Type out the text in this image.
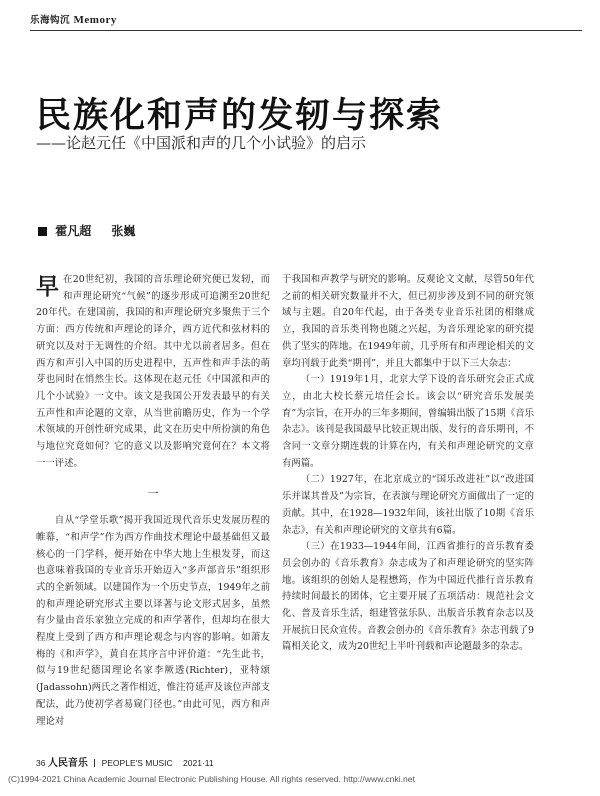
乐海钩沉 Memory
民族化和声的发轫与探索
——论赵元任《中国派和声的几个小试验》的启示
霍凡超 张巍

早在20世纪初，我国的音乐理论研究便已发轫，而和声理论研究“气候”的逐步形成可追溯至20世纪20年代。在建国前，我国的和声理论研究多聚焦于三个方面：西方传统和声理论的译介，西方近代和弦材料的研究以及对于无调性的介绍。其中尤以前者居多。但在西方和声引入中国的历史进程中，五声性和声手法的萌芽也同时在悄然生长。这体现在赵元任《中国派和声的几个小试验》一文中。该文是我国公开发表最早的有关五声性和声论题的文章，从当世前瞻历史，作为一个学术领域的开创性研究成果，此文在历史中所扮演的角色与地位究竟如何？它的意义以及影响究竟何在？本文将一一评述。

一

自从“学堂乐歌”揭开我国近现代音乐史发展历程的帷幕，“和声学”作为西方作曲技术理论中最基础但又最核心的一门学科，便开始在中华大地上生根发芽，而这也意味着我国的专业音乐开始迈入“多声部音乐”组织形式的全新领域。以建国作为一个历史节点，1949年之前的和声理论研究形式主要以译著与论文形式居多，虽然有少量由音乐家独立完成的和声学著作，但却均在很大程度上受到了西方和声理论观念与内容的影响。如萧友梅的《和声学》，黄自在其序言中评价道：“先生此书，似与19世纪德国理论名家李厥透(Richter)，亚特颂(Jadassohn)两氏之著作相近，惟注符延声及该位声部支配法，此乃使初学者易窥门径也。”由此可见，西方和声理论对

于我国和声教学与研究的影响。反观论文文献，尽管50年代之前的相关研究数量并不大，但已初步涉及到不同的研究领域与主题。自20年代起，由于各类专业音乐社团的相继成立，我国的音乐类刊物也随之兴起，为音乐理论家的研究提供了坚实的阵地。在1949年前，几乎所有和声理论相关的文章均刊载于此类“期刊”，并且大都集中于以下三大杂志：

（一）1919年1月，北京大学下设的音乐研究会正式成立，由北大校长蔡元培任会长。该会以“研究音乐发展美育”为宗旨，在开办的三年多期间，曾编辑出版了15期《音乐杂志》。该刊是我国最早比较正规出版、发行的音乐期刊，不含同一文章分期连载的计算在内，有关和声理论研究的文章有两篇。

（二）1927年，在北京成立的“国乐改进社”以“改进国乐并谋其普及”为宗旨，在表演与理论研究方面做出了一定的贡献。其中，在1928—1932年间，该社出版了10期《音乐杂志》，有关和声理论研究的文章共有6篇。

（三）在1933—1944年间，江西省推行的音乐教育委员会创办的《音乐教育》杂志成为了和声理论研究的坚实阵地。该组织的创始人是程懋筠，作为中国近代推行音乐教育持续时间最长的团体，它主要开展了五项活动：规范社会文化、普及音乐生活，组建管弦乐队、出版音乐教育杂志以及开展抗日民众宣传。音教会创办的《音乐教育》杂志刊载了9篇相关论文，成为20世纪上半叶刊载和声论题最多的杂志。

36 人民音乐 PEOPLE'S MUSIC 2021·11
(C)1994-2021 China Academic Journal Electronic Publishing House. All rights reserved. http://www.cnki.net
